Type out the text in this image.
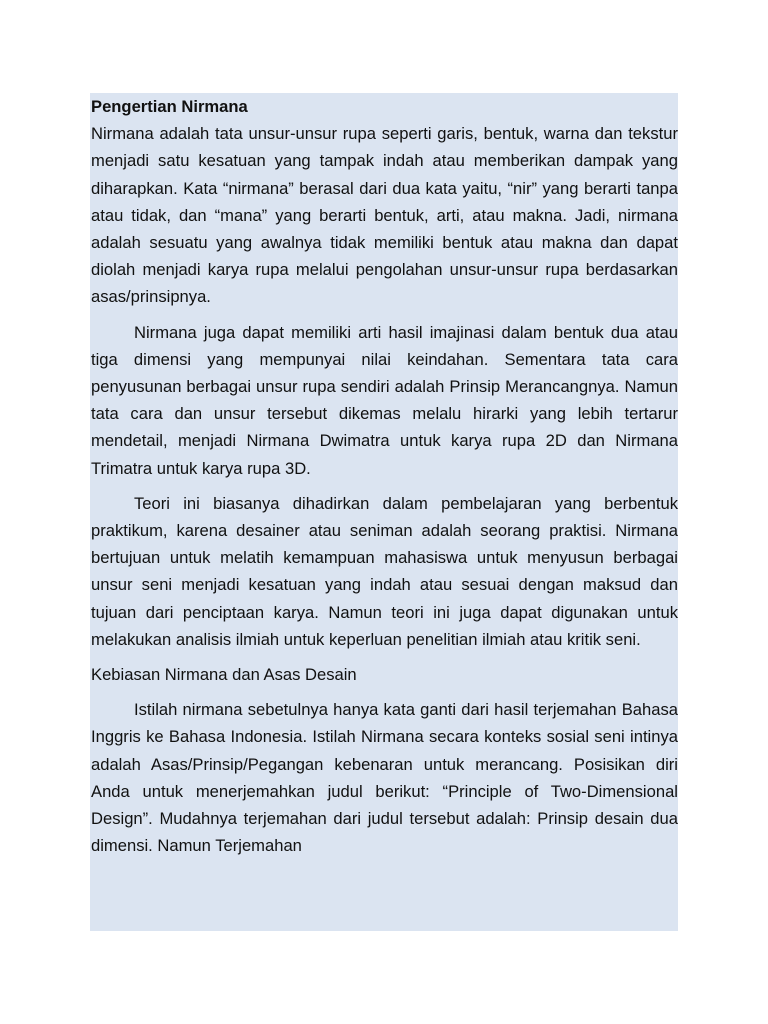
Pengertian Nirmana

Nirmana adalah tata unsur-unsur rupa seperti garis, bentuk, warna dan tekstur menjadi satu kesatuan yang tampak indah atau memberikan dampak yang diharapkan. Kata “nirmana” berasal dari dua kata yaitu, “nir” yang berarti tanpa atau tidak, dan “mana” yang berarti bentuk, arti, atau makna. Jadi, nirmana adalah sesuatu yang awalnya tidak memiliki bentuk atau makna dan dapat diolah menjadi karya rupa melalui pengolahan unsur-unsur rupa berdasarkan asas/prinsipnya.

Nirmana juga dapat memiliki arti hasil imajinasi dalam bentuk dua atau tiga dimensi yang mempunyai nilai keindahan. Sementara tata cara penyusunan berbagai unsur rupa sendiri adalah Prinsip Merancangnya. Namun tata cara dan unsur tersebut dikemas melalu hirarki yang lebih tertarur mendetail, menjadi Nirmana Dwimatra untuk karya rupa 2D dan Nirmana Trimatra untuk karya rupa 3D.

Teori ini biasanya dihadirkan dalam pembelajaran yang berbentuk praktikum, karena desainer atau seniman adalah seorang praktisi. Nirmana bertujuan untuk melatih kemampuan mahasiswa untuk menyusun berbagai unsur seni menjadi kesatuan yang indah atau sesuai dengan maksud dan tujuan dari penciptaan karya. Namun teori ini juga dapat digunakan untuk melakukan analisis ilmiah untuk keperluan penelitian ilmiah atau kritik seni.

Kebiasan Nirmana dan Asas Desain

Istilah nirmana sebetulnya hanya kata ganti dari hasil terjemahan Bahasa Inggris ke Bahasa Indonesia. Istilah Nirmana secara konteks sosial seni intinya adalah Asas/Prinsip/Pegangan kebenaran untuk merancang. Posisikan diri Anda untuk menerjemahkan judul berikut: “Principle of Two-Dimensional Design”. Mudahnya terjemahan dari judul tersebut adalah: Prinsip desain dua dimensi. Namun Terjemahan
